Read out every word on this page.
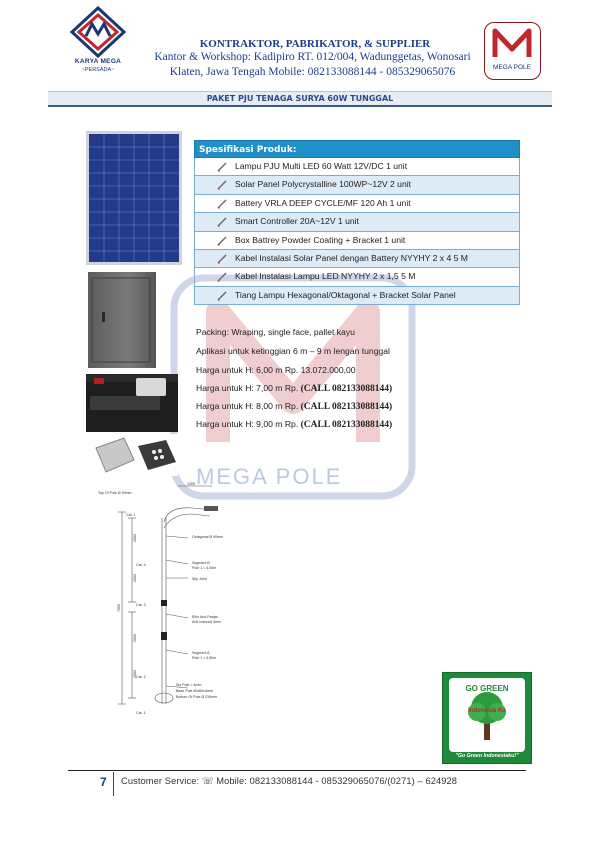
KARYA MEGA
~PERSADA~
KONTRAKTOR, PABRIKATOR, & SUPPLIER
Kantor & Workshop: Kadipiro RT. 012/004, Wadunggetas, Wonosari
Klaten, Jawa Tengah Mobile: 082133088144 - 085329065076	MEGA POLE
PAKET PJU TENAGA SURYA 60W TUNGGAL
MEGA POLE
Spesifikasi Produk:
Lampu PJU Multi LED 60 Watt 12V/DC 1 unit
Solar Panel Polycrystalline 100WP~12V 2 unit
Battery VRLA DEEP CYCLE/MF 120 Ah 1 unit
Smart Controller 20A~12V 1 unit
Box Battrey Powder Coating + Bracket 1 unit
Kabel Instalasi Solar Panel dengan Battery NYYHY 2 x 4 5 M
Kabel Instalasi Lampu LED NYYHY 2 x 1,5 5 M
Tiang Lampu Hexagonal/Oktagonal + Bracket Solar Panel
Packing: Wraping, single face, pallet kayu
Aplikasi untuk ketinggian 6 m – 9 m lengan tunggal
Harga untuk H: 6,00 m Rp. 13.072.000,00
Harga untuk H: 7,00 m Rp. (CALL 082133088144)
Harga untuk H: 8,00 m Rp. (CALL 082133088144)
Harga untuk H: 9,00 m Rp. (CALL 082133088144)
1300
Top Of Pole Ø 90mm
Cat. 1
Octagonal Ø 90mm
Cat. 4	Segment B
Pole 1 = 4,00m
Slip Joint
Cat. 3
Elbo And Panjat
Anti Induced 4mm
Segment A
Pole 1 = 4,50m
Cat. 2
Sty Pole = 4mm
Base Pole 60x60x4mm
Bottom Of Pole Ø 230mm
Cat. 1
1500
2000
7000
2000
1500
GO GREEN
Indonesia Ku
"Go Green Indonesiaku!"
7 Customer Service: ☏ Mobile: 082133088144 - 085329065076/(0271) – 624928
